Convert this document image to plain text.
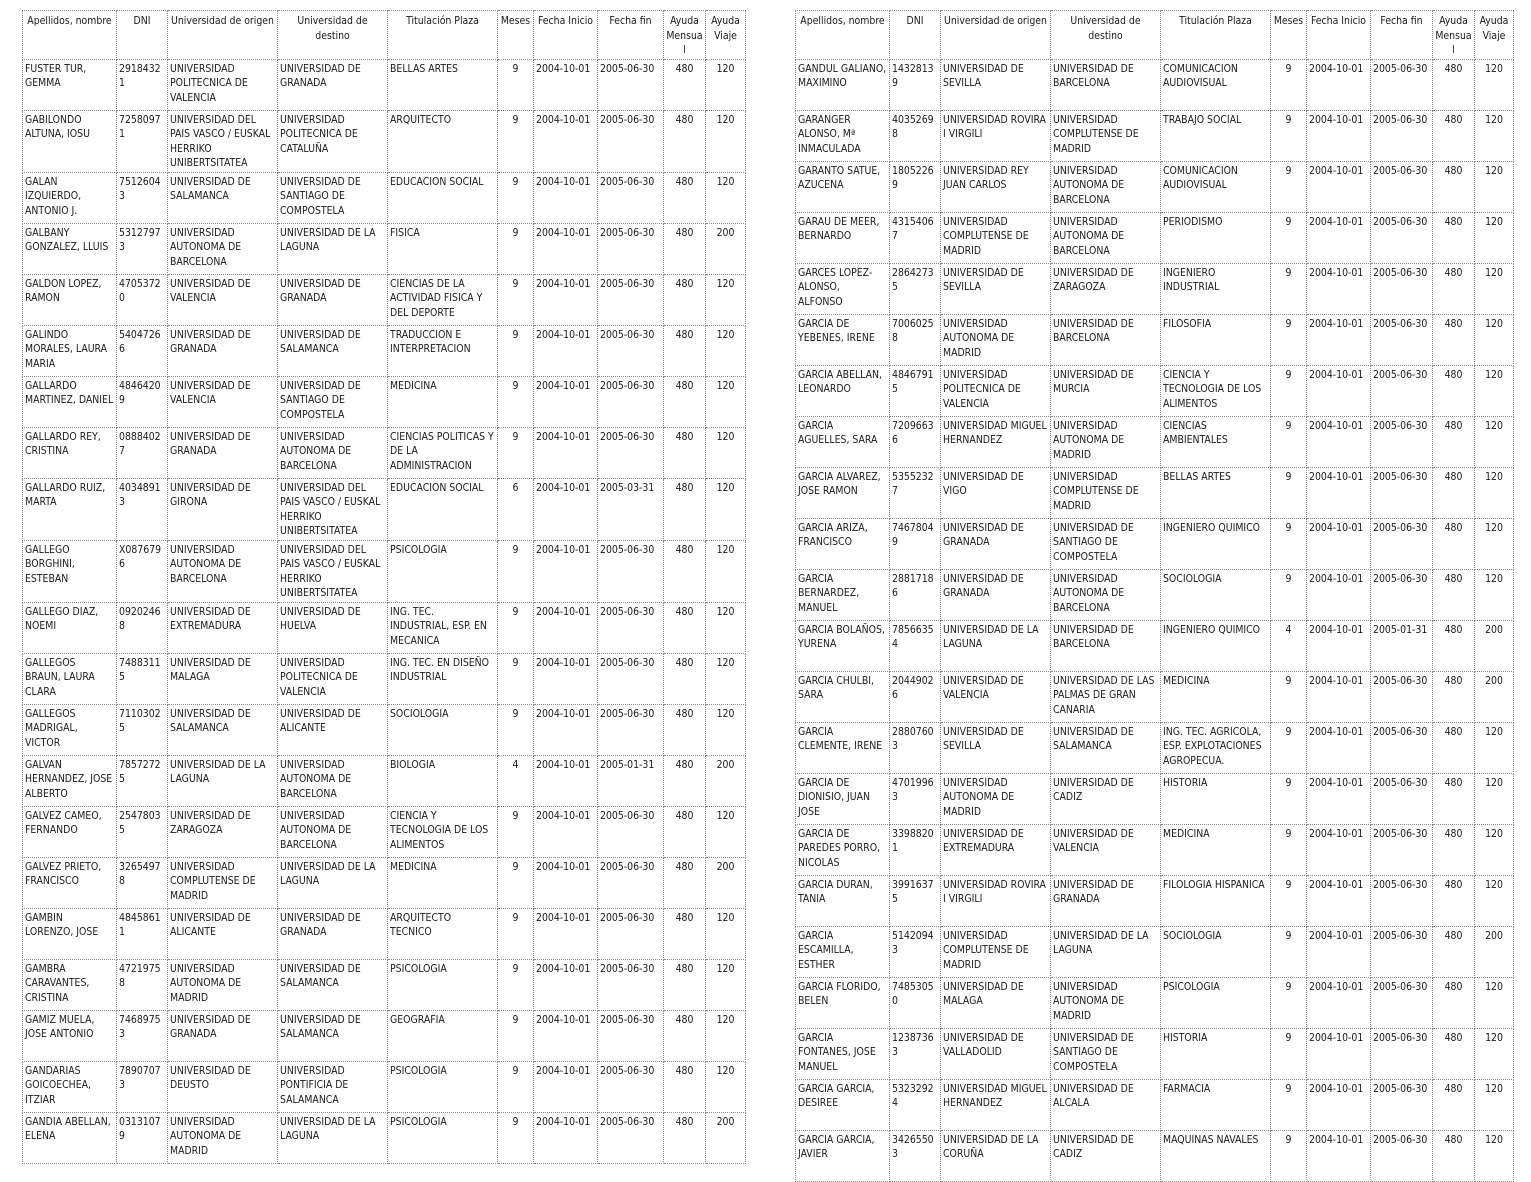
Apellidos, nombre	DNI	Universidad de origen	Universidad de destino	Titulación Plaza	Meses	Fecha Inicio	Fecha fin	Ayuda Mensual	Ayuda Viaje
FUSTER TUR, GEMMA	29184321	UNIVERSIDAD POLITECNICA DE VALENCIA	UNIVERSIDAD DE GRANADA	BELLAS ARTES	9	2004-10-01	2005-06-30	480	120
GABILONDO ALTUNA, IOSU	72580971	UNIVERSIDAD DEL PAIS VASCO / EUSKAL HERRIKO UNIBERTSITATEA	UNIVERSIDAD POLITECNICA DE CATALUÑA	ARQUITECTO	9	2004-10-01	2005-06-30	480	120
GALAN IZQUIERDO, ANTONIO J.	75126043	UNIVERSIDAD DE SALAMANCA	UNIVERSIDAD DE SANTIAGO DE COMPOSTELA	EDUCACION SOCIAL	9	2004-10-01	2005-06-30	480	120
GALBANY GONZALEZ, LLUIS	53127973	UNIVERSIDAD AUTONOMA DE BARCELONA	UNIVERSIDAD DE LA LAGUNA	FISICA	9	2004-10-01	2005-06-30	480	200
GALDON LOPEZ, RAMON	47053720	UNIVERSIDAD DE VALENCIA	UNIVERSIDAD DE GRANADA	CIENCIAS DE LA ACTIVIDAD FISICA Y DEL DEPORTE	9	2004-10-01	2005-06-30	480	120
GALINDO MORALES, LAURA MARIA	54047266	UNIVERSIDAD DE GRANADA	UNIVERSIDAD DE SALAMANCA	TRADUCCION E INTERPRETACION	9	2004-10-01	2005-06-30	480	120
GALLARDO MARTINEZ, DANIEL	48464209	UNIVERSIDAD DE VALENCIA	UNIVERSIDAD DE SANTIAGO DE COMPOSTELA	MEDICINA	9	2004-10-01	2005-06-30	480	120
GALLARDO REY, CRISTINA	08884027	UNIVERSIDAD DE GRANADA	UNIVERSIDAD AUTONOMA DE BARCELONA	CIENCIAS POLITICAS Y DE LA ADMINISTRACION	9	2004-10-01	2005-06-30	480	120
GALLARDO RUIZ, MARTA	40348913	UNIVERSIDAD DE GIRONA	UNIVERSIDAD DEL PAIS VASCO / EUSKAL HERRIKO UNIBERTSITATEA	EDUCACION SOCIAL	6	2004-10-01	2005-03-31	480	120
GALLEGO BORGHINI, ESTEBAN	X0876796	UNIVERSIDAD AUTONOMA DE BARCELONA	UNIVERSIDAD DEL PAIS VASCO / EUSKAL HERRIKO UNIBERTSITATEA	PSICOLOGIA	9	2004-10-01	2005-06-30	480	120
GALLEGO DIAZ, NOEMI	09202468	UNIVERSIDAD DE EXTREMADURA	UNIVERSIDAD DE HUELVA	ING. TEC. INDUSTRIAL, ESP. EN MECANICA	9	2004-10-01	2005-06-30	480	120
GALLEGOS BRAUN, LAURA CLARA	74883115	UNIVERSIDAD DE MALAGA	UNIVERSIDAD POLITECNICA DE VALENCIA	ING. TEC. EN DISEÑO INDUSTRIAL	9	2004-10-01	2005-06-30	480	120
GALLEGOS MADRIGAL, VICTOR	71103025	UNIVERSIDAD DE SALAMANCA	UNIVERSIDAD DE ALICANTE	SOCIOLOGIA	9	2004-10-01	2005-06-30	480	120
GALVAN HERNANDEZ, JOSE ALBERTO	78572725	UNIVERSIDAD DE LA LAGUNA	UNIVERSIDAD AUTONOMA DE BARCELONA	BIOLOGIA	4	2004-10-01	2005-01-31	480	200
GALVEZ CAMEO, FERNANDO	25478035	UNIVERSIDAD DE ZARAGOZA	UNIVERSIDAD AUTONOMA DE BARCELONA	CIENCIA Y TECNOLOGIA DE LOS ALIMENTOS	9	2004-10-01	2005-06-30	480	120
GALVEZ PRIETO, FRANCISCO	32654978	UNIVERSIDAD COMPLUTENSE DE MADRID	UNIVERSIDAD DE LA LAGUNA	MEDICINA	9	2004-10-01	2005-06-30	480	200
GAMBIN LORENZO, JOSE	48458611	UNIVERSIDAD DE ALICANTE	UNIVERSIDAD DE GRANADA	ARQUITECTO TECNICO	9	2004-10-01	2005-06-30	480	120
GAMBRA CARAVANTES, CRISTINA	47219758	UNIVERSIDAD AUTONOMA DE MADRID	UNIVERSIDAD DE SALAMANCA	PSICOLOGIA	9	2004-10-01	2005-06-30	480	120
GAMIZ MUELA, JOSE ANTONIO	74689753	UNIVERSIDAD DE GRANADA	UNIVERSIDAD DE SALAMANCA	GEOGRAFIA	9	2004-10-01	2005-06-30	480	120
GANDARIAS GOICOECHEA, ITZIAR	78907073	UNIVERSIDAD DE DEUSTO	UNIVERSIDAD PONTIFICIA DE SALAMANCA	PSICOLOGIA	9	2004-10-01	2005-06-30	480	120
GANDIA ABELLAN, ELENA	03131079	UNIVERSIDAD AUTONOMA DE MADRID	UNIVERSIDAD DE LA LAGUNA	PSICOLOGIA	9	2004-10-01	2005-06-30	480	200
Apellidos, nombre	DNI	Universidad de origen	Universidad de destino	Titulación Plaza	Meses	Fecha Inicio	Fecha fin	Ayuda Mensual	Ayuda Viaje
GANDUL GALIANO, MAXIMINO	14328139	UNIVERSIDAD DE SEVILLA	UNIVERSIDAD DE BARCELONA	COMUNICACION AUDIOVISUAL	9	2004-10-01	2005-06-30	480	120
GARANGER ALONSO, Mª INMACULADA	40352698	UNIVERSIDAD ROVIRA I VIRGILI	UNIVERSIDAD COMPLUTENSE DE MADRID	TRABAJO SOCIAL	9	2004-10-01	2005-06-30	480	120
GARANTO SATUE, AZUCENA	18052269	UNIVERSIDAD REY JUAN CARLOS	UNIVERSIDAD AUTONOMA DE BARCELONA	COMUNICACION AUDIOVISUAL	9	2004-10-01	2005-06-30	480	120
GARAU DE MEER, BERNARDO	43154067	UNIVERSIDAD COMPLUTENSE DE MADRID	UNIVERSIDAD AUTONOMA DE BARCELONA	PERIODISMO	9	2004-10-01	2005-06-30	480	120
GARCES LOPEZ-ALONSO, ALFONSO	28642735	UNIVERSIDAD DE SEVILLA	UNIVERSIDAD DE ZARAGOZA	INGENIERO INDUSTRIAL	9	2004-10-01	2005-06-30	480	120
GARCIA DE YEBENES, IRENE	70060258	UNIVERSIDAD AUTONOMA DE MADRID	UNIVERSIDAD DE BARCELONA	FILOSOFIA	9	2004-10-01	2005-06-30	480	120
GARCIA ABELLAN, LEONARDO	48467915	UNIVERSIDAD POLITECNICA DE VALENCIA	UNIVERSIDAD DE MURCIA	CIENCIA Y TECNOLOGIA DE LOS ALIMENTOS	9	2004-10-01	2005-06-30	480	120
GARCIA AGUELLES, SARA	72096636	UNIVERSIDAD MIGUEL HERNANDEZ	UNIVERSIDAD AUTONOMA DE MADRID	CIENCIAS AMBIENTALES	9	2004-10-01	2005-06-30	480	120
GARCIA ALVAREZ, JOSE RAMON	53552327	UNIVERSIDAD DE VIGO	UNIVERSIDAD COMPLUTENSE DE MADRID	BELLAS ARTES	9	2004-10-01	2005-06-30	480	120
GARCIA ARIZA, FRANCISCO	74678049	UNIVERSIDAD DE GRANADA	UNIVERSIDAD DE SANTIAGO DE COMPOSTELA	INGENIERO QUIMICO	9	2004-10-01	2005-06-30	480	120
GARCIA BERNARDEZ, MANUEL	28817186	UNIVERSIDAD DE GRANADA	UNIVERSIDAD AUTONOMA DE BARCELONA	SOCIOLOGIA	9	2004-10-01	2005-06-30	480	120
GARCIA BOLAÑOS, YURENA	78566354	UNIVERSIDAD DE LA LAGUNA	UNIVERSIDAD DE BARCELONA	INGENIERO QUIMICO	4	2004-10-01	2005-01-31	480	200
GARCIA CHULBI, SARA	20449026	UNIVERSIDAD DE VALENCIA	UNIVERSIDAD DE LAS PALMAS DE GRAN CANARIA	MEDICINA	9	2004-10-01	2005-06-30	480	200
GARCIA CLEMENTE, IRENE	28807603	UNIVERSIDAD DE SEVILLA	UNIVERSIDAD DE SALAMANCA	ING. TEC. AGRICOLA, ESP. EXPLOTACIONES AGROPECUA.	9	2004-10-01	2005-06-30	480	120
GARCIA DE DIONISIO, JUAN JOSE	47019963	UNIVERSIDAD AUTONOMA DE MADRID	UNIVERSIDAD DE CADIZ	HISTORIA	9	2004-10-01	2005-06-30	480	120
GARCIA DE PAREDES PORRO, NICOLAS	33988201	UNIVERSIDAD DE EXTREMADURA	UNIVERSIDAD DE VALENCIA	MEDICINA	9	2004-10-01	2005-06-30	480	120
GARCIA DURAN, TANIA	39916375	UNIVERSIDAD ROVIRA I VIRGILI	UNIVERSIDAD DE GRANADA	FILOLOGIA HISPANICA	9	2004-10-01	2005-06-30	480	120
GARCIA ESCAMILLA, ESTHER	51420943	UNIVERSIDAD COMPLUTENSE DE MADRID	UNIVERSIDAD DE LA LAGUNA	SOCIOLOGIA	9	2004-10-01	2005-06-30	480	200
GARCIA FLORIDO, BELEN	74853050	UNIVERSIDAD DE MALAGA	UNIVERSIDAD AUTONOMA DE MADRID	PSICOLOGIA	9	2004-10-01	2005-06-30	480	120
GARCIA FONTANES, JOSE MANUEL	12387363	UNIVERSIDAD DE VALLADOLID	UNIVERSIDAD DE SANTIAGO DE COMPOSTELA	HISTORIA	9	2004-10-01	2005-06-30	480	120
GARCIA GARCIA, DESIREE	53232924	UNIVERSIDAD MIGUEL HERNANDEZ	UNIVERSIDAD DE ALCALA	FARMACIA	9	2004-10-01	2005-06-30	480	120
GARCIA GARCIA, JAVIER	34265503	UNIVERSIDAD DE LA CORUÑA	UNIVERSIDAD DE CADIZ	MAQUINAS NAVALES	9	2004-10-01	2005-06-30	480	120
